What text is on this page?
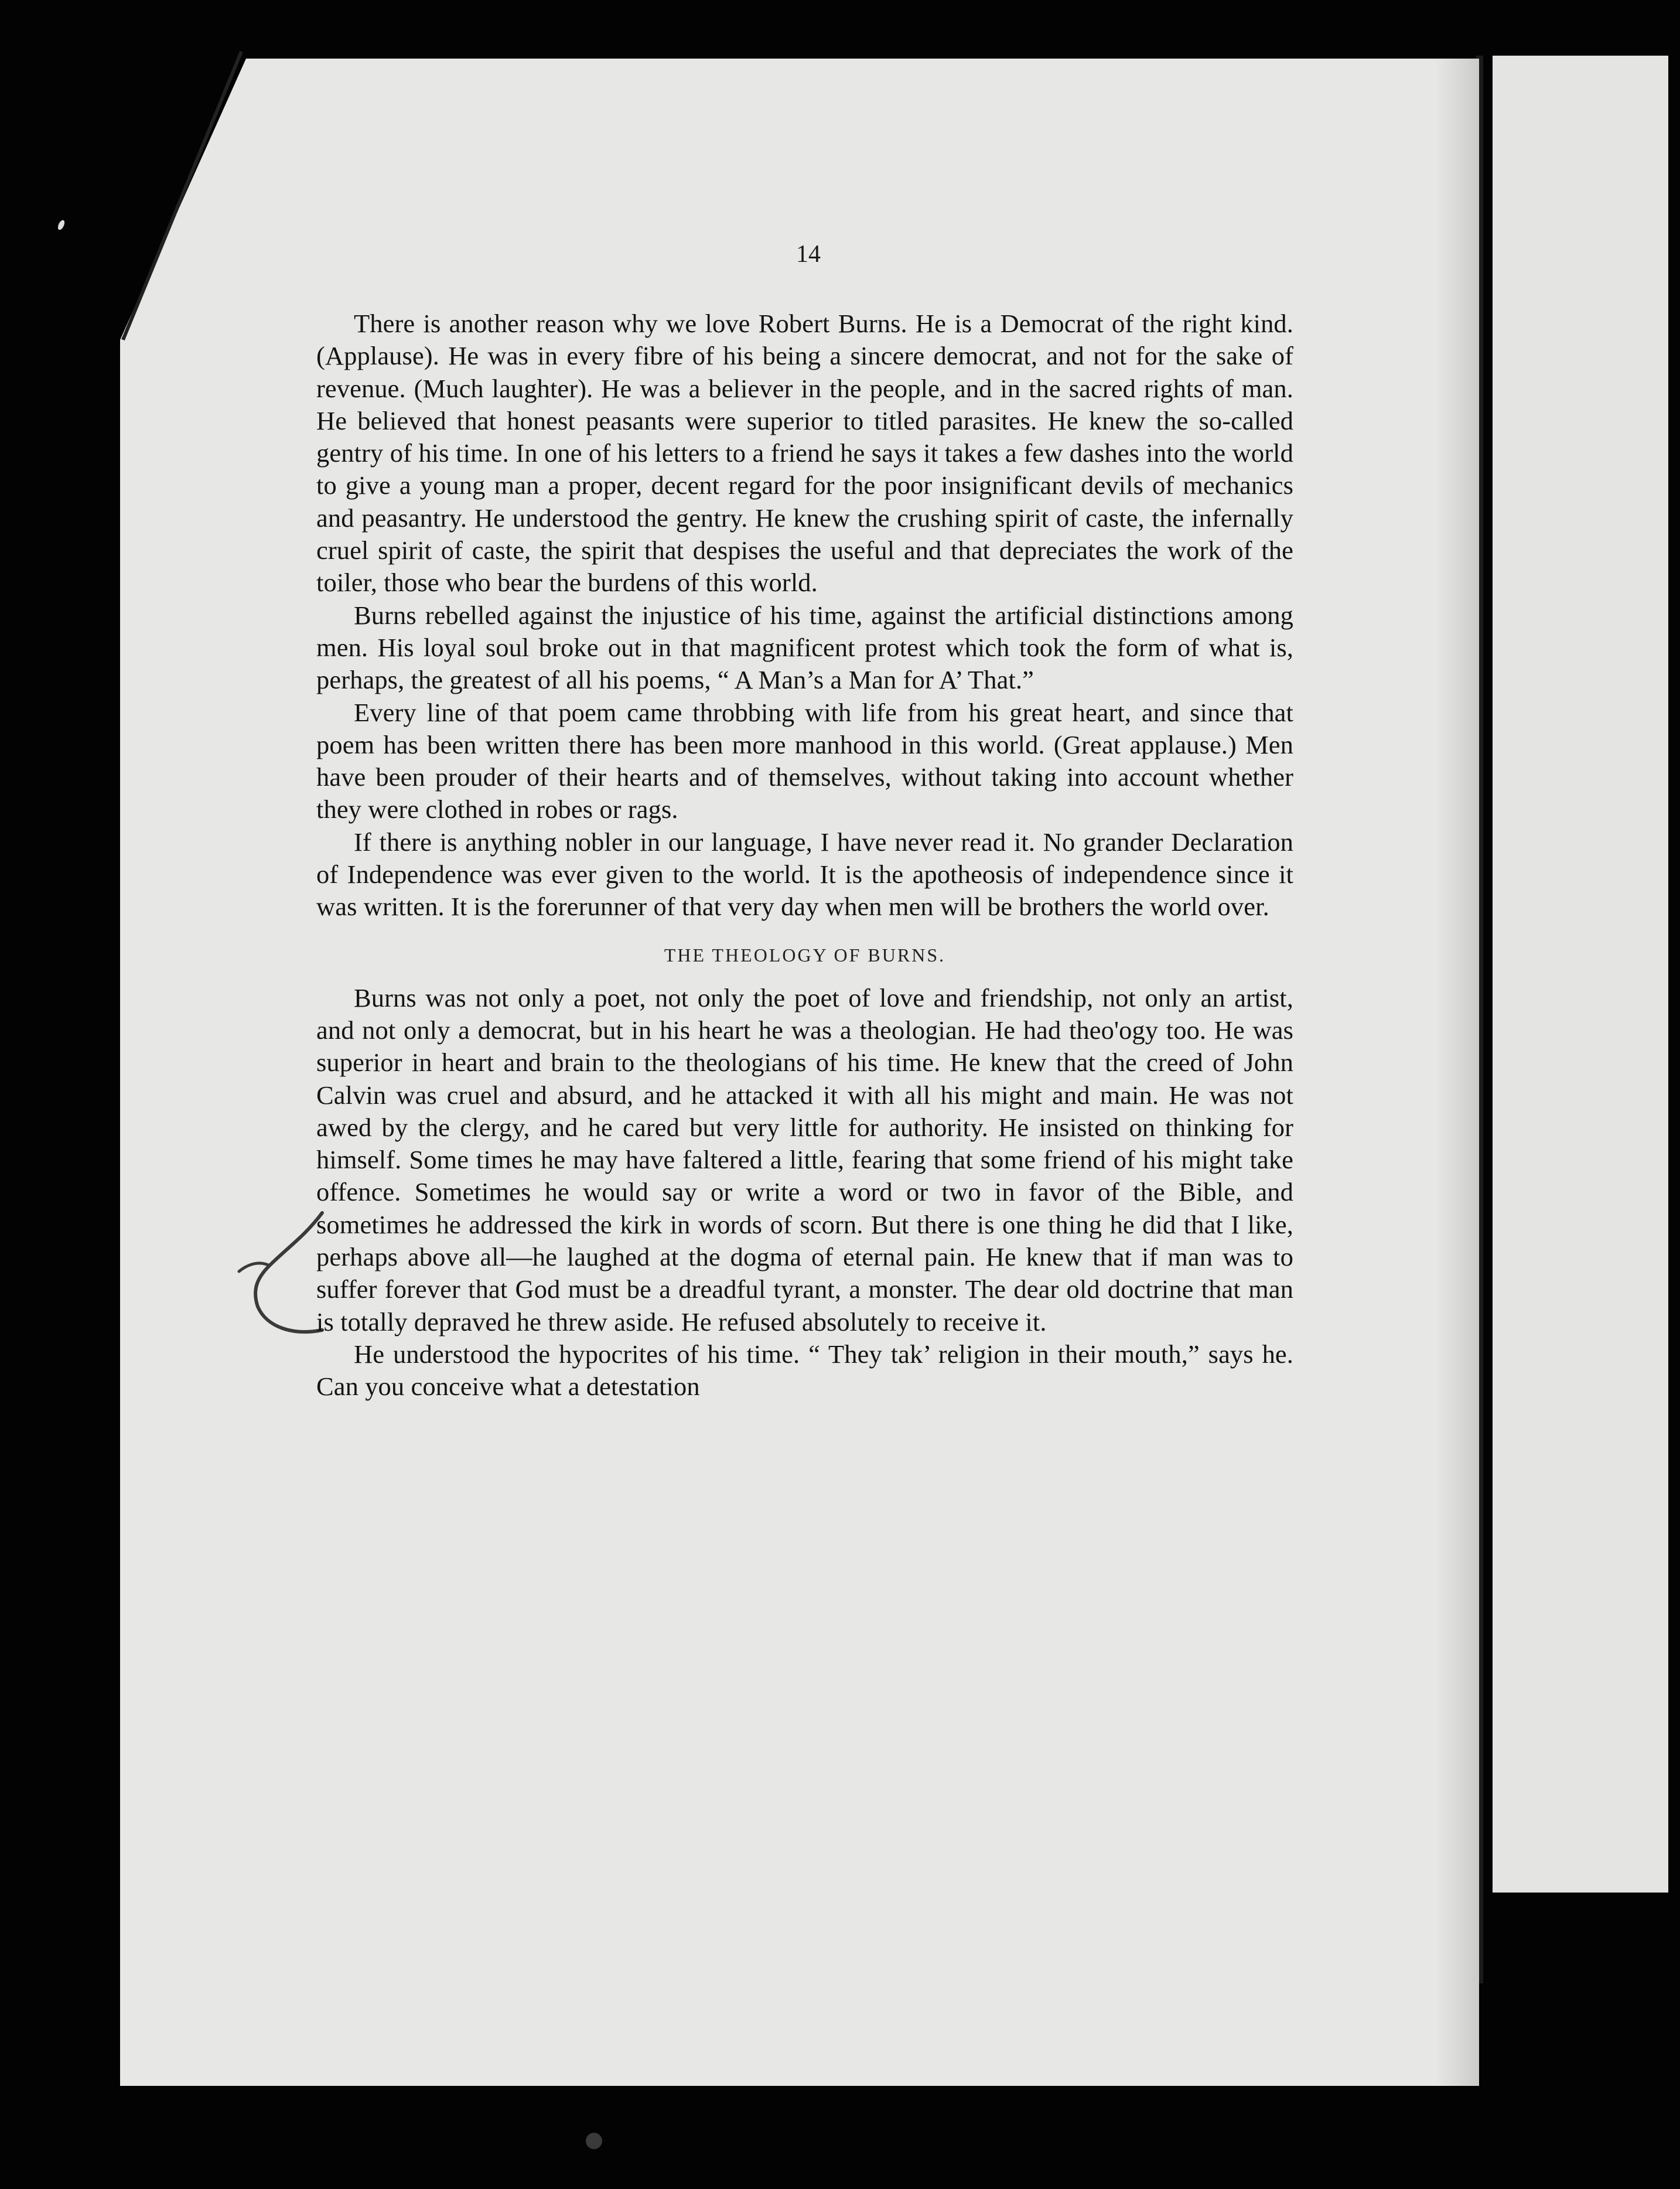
14

There is another reason why we love Robert Burns. He is a Democrat of the right kind. (Applause). He was in every fibre of his being a sincere democrat, and not for the sake of revenue. (Much laughter). He was a believer in the people, and in the sacred rights of man. He believed that honest peasants were superior to titled parasites. He knew the so-called gentry of his time. In one of his letters to a friend he says it takes a few dashes into the world to give a young man a proper, decent regard for the poor insignificant devils of mechanics and peasantry. He understood the gentry. He knew the crushing spirit of caste, the infernally cruel spirit of caste, the spirit that despises the useful and that depreciates the work of the toiler, those who bear the burdens of this world.

Burns rebelled against the injustice of his time, against the artificial distinctions among men. His loyal soul broke out in that magnificent protest which took the form of what is, perhaps, the greatest of all his poems, “ A Man’s a Man for A’ That.”

Every line of that poem came throbbing with life from his great heart, and since that poem has been written there has been more manhood in this world. (Great applause.) Men have been prouder of their hearts and of themselves, without taking into account whether they were clothed in robes or rags.

If there is anything nobler in our language, I have never read it. No grander Declaration of Independence was ever given to the world. It is the apotheosis of independence since it was written. It is the forerunner of that very day when men will be brothers the world over.

THE THEOLOGY OF BURNS.

Burns was not only a poet, not only the poet of love and friendship, not only an artist, and not only a democrat, but in his heart he was a theologian. He had theo'ogy too. He was superior in heart and brain to the theologians of his time. He knew that the creed of John Calvin was cruel and absurd, and he attacked it with all his might and main. He was not awed by the clergy, and he cared but very little for authority. He insisted on thinking for himself. Some times he may have faltered a little, fearing that some friend of his might take offence. Sometimes he would say or write a word or two in favor of the Bible, and sometimes he addressed the kirk in words of scorn. But there is one thing he did that I like, perhaps above all—he laughed at the dogma of eternal pain. He knew that if man was to suffer forever that God must be a dreadful tyrant, a monster. The dear old doctrine that man is totally depraved he threw aside. He refused absolutely to receive it.

He understood the hypocrites of his time. “ They tak’ religion in their mouth,” says he. Can you conceive what a detestation
